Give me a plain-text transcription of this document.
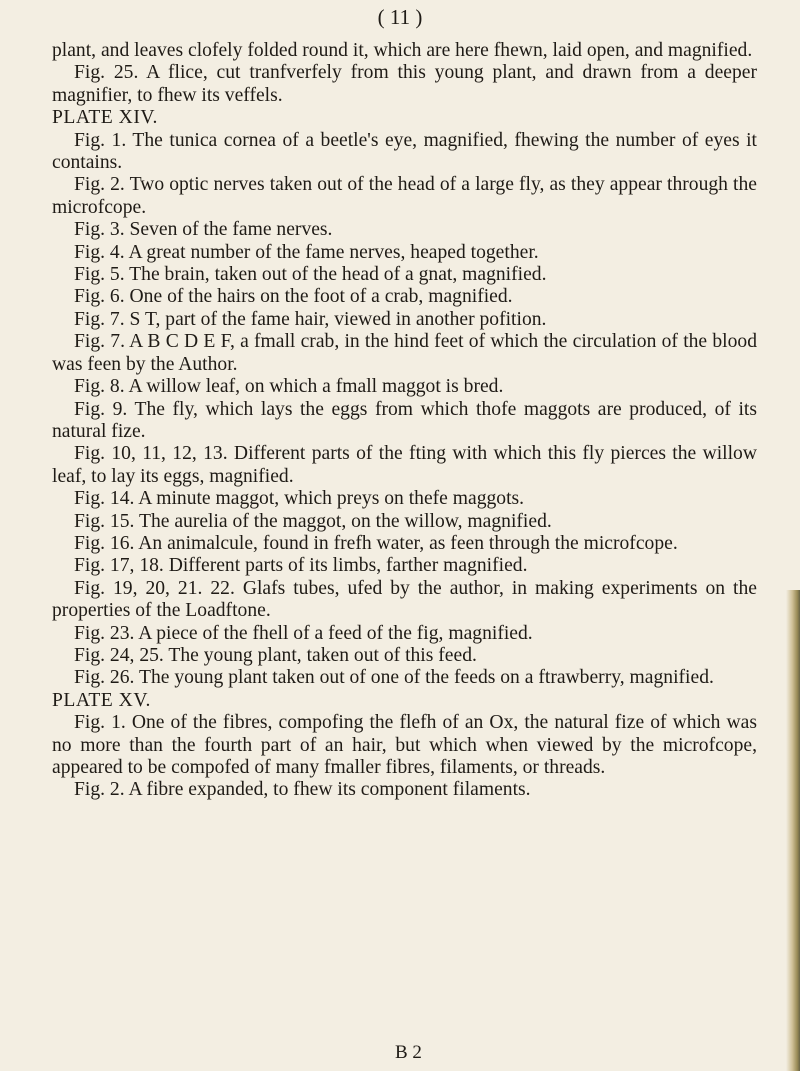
( 11 )

plant, and leaves clofely folded round it, which are here fhewn, laid open, and magnified.

Fig. 25. A flice, cut tranfverfely from this young plant, and drawn from a deeper magnifier, to fhew its veffels.

PLATE XIV.

Fig. 1. The tunica cornea of a beetle's eye, magnified, fhewing the number of eyes it contains.

Fig. 2. Two optic nerves taken out of the head of a large fly, as they appear through the microfcope.

Fig. 3. Seven of the fame nerves.

Fig. 4. A great number of the fame nerves, heaped together.

Fig. 5. The brain, taken out of the head of a gnat, magnified.

Fig. 6. One of the hairs on the foot of a crab, magnified.

Fig. 7. S T, part of the fame hair, viewed in another pofition.

Fig. 7. A B C D E F, a fmall crab, in the hind feet of which the circulation of the blood was feen by the Author.

Fig. 8. A willow leaf, on which a fmall maggot is bred.

Fig. 9. The fly, which lays the eggs from which thofe maggots are produced, of its natural fize.

Fig. 10, 11, 12, 13. Different parts of the fting with which this fly pierces the willow leaf, to lay its eggs, magnified.

Fig. 14. A minute maggot, which preys on thefe maggots.

Fig. 15. The aurelia of the maggot, on the willow, magnified.

Fig. 16. An animalcule, found in frefh water, as feen through the microfcope.

Fig. 17, 18. Different parts of its limbs, farther magnified.

Fig. 19, 20, 21. 22. Glafs tubes, ufed by the author, in making experiments on the properties of the Loadftone.

Fig. 23. A piece of the fhell of a feed of the fig, magnified.

Fig. 24, 25. The young plant, taken out of this feed.

Fig. 26. The young plant taken out of one of the feeds on a ftrawberry, magnified.

PLATE XV.

Fig. 1. One of the fibres, compofing the flefh of an Ox, the natural fize of which was no more than the fourth part of an hair, but which when viewed by the microfcope, appeared to be compofed of many fmaller fibres, filaments, or threads.

Fig. 2. A fibre expanded, to fhew its component filaments.

B 2
